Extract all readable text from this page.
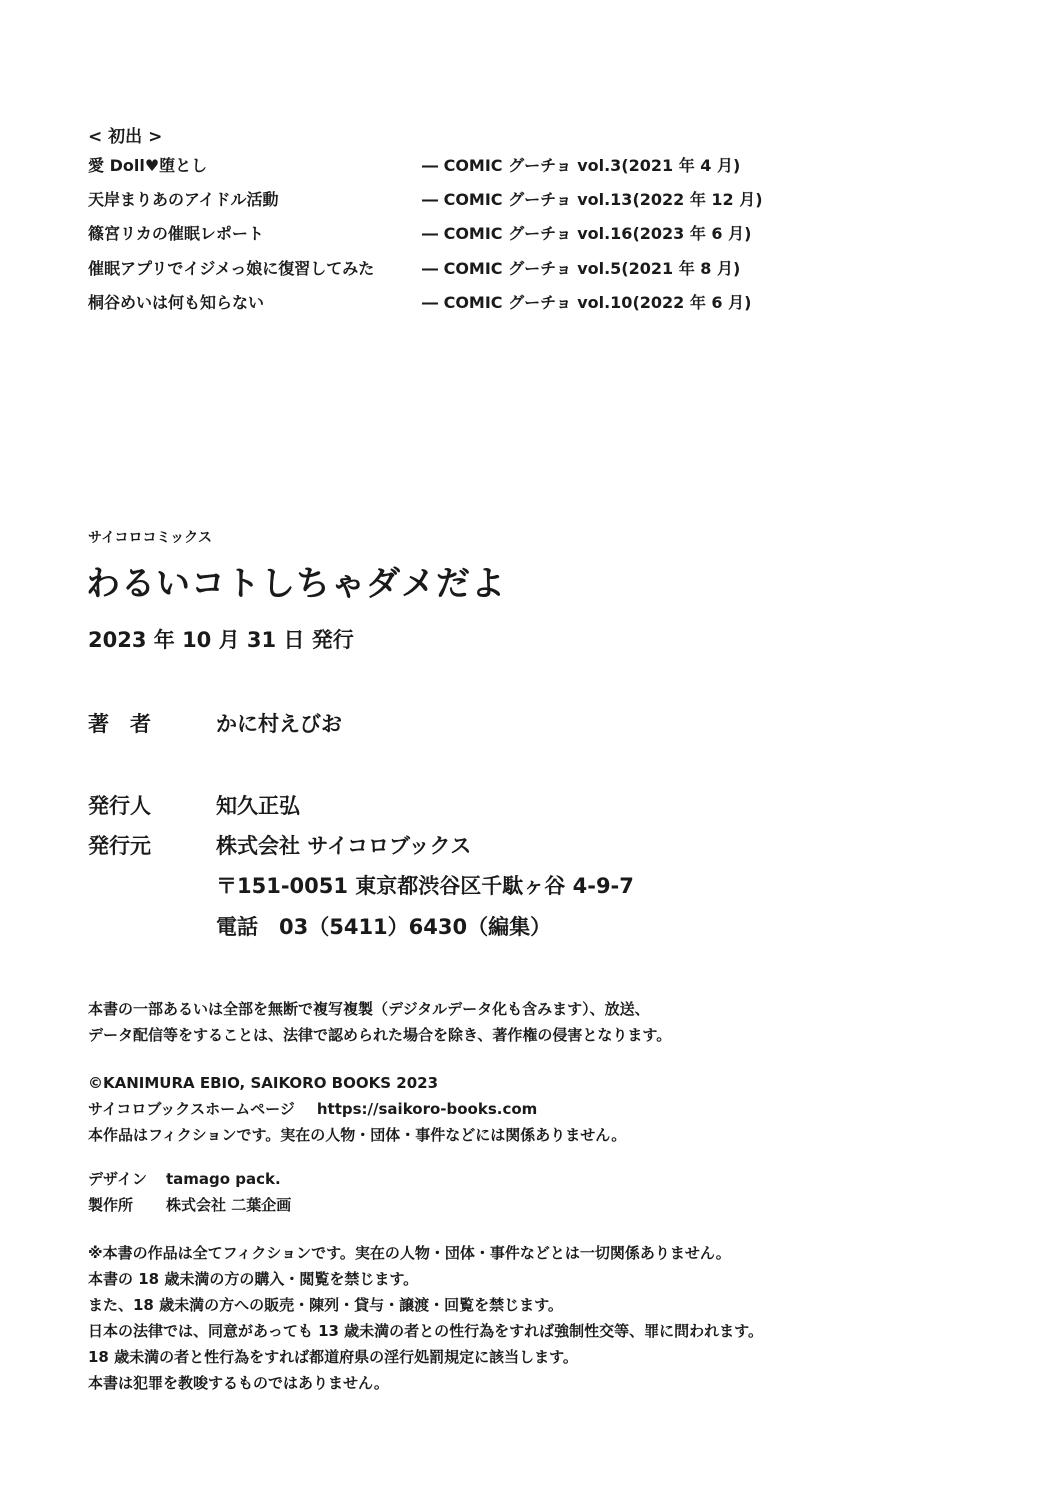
< 初出 >
愛 Doll♥堕とし	― COMIC グーチョ vol.3(2021 年 4 月)
天岸まりあのアイドル活動	― COMIC グーチョ vol.13(2022 年 12 月)
篠宮リカの催眠レポート	― COMIC グーチョ vol.16(2023 年 6 月)
催眠アプリでイジメっ娘に復習してみた	― COMIC グーチョ vol.5(2021 年 8 月)
桐谷めいは何も知らない	― COMIC グーチョ vol.10(2022 年 6 月)
サイコロコミックス
わるいコトしちゃダメだよ
2023 年 10 月 31 日 発行
著　者	かに村えびお
発行人	知久正弘
発行元	株式会社 サイコロブックス
〒151-0051 東京都渋谷区千駄ヶ谷 4-9-7
電話　03（5411）6430（編集）
本書の一部あるいは全部を無断で複写複製（デジタルデータ化も含みます）、放送、
データ配信等をすることは、法律で認められた場合を除き、著作権の侵害となります。
©KANIMURA EBIO, SAIKORO BOOKS 2023
サイコロブックスホームページ https://saikoro-books.com
本作品はフィクションです。実在の人物・団体・事件などには関係ありません。
デザイン tamago pack.
製作所 株式会社 二葉企画
※本書の作品は全てフィクションです。実在の人物・団体・事件などとは一切関係ありません。
本書の 18 歳未満の方の購入・閲覧を禁じます。
また、18 歳未満の方への販売・陳列・貸与・譲渡・回覧を禁じます。
日本の法律では、同意があっても 13 歳未満の者との性行為をすれば強制性交等、罪に問われます。
18 歳未満の者と性行為をすれば都道府県の淫行処罰規定に該当します。
本書は犯罪を教唆するものではありません。
